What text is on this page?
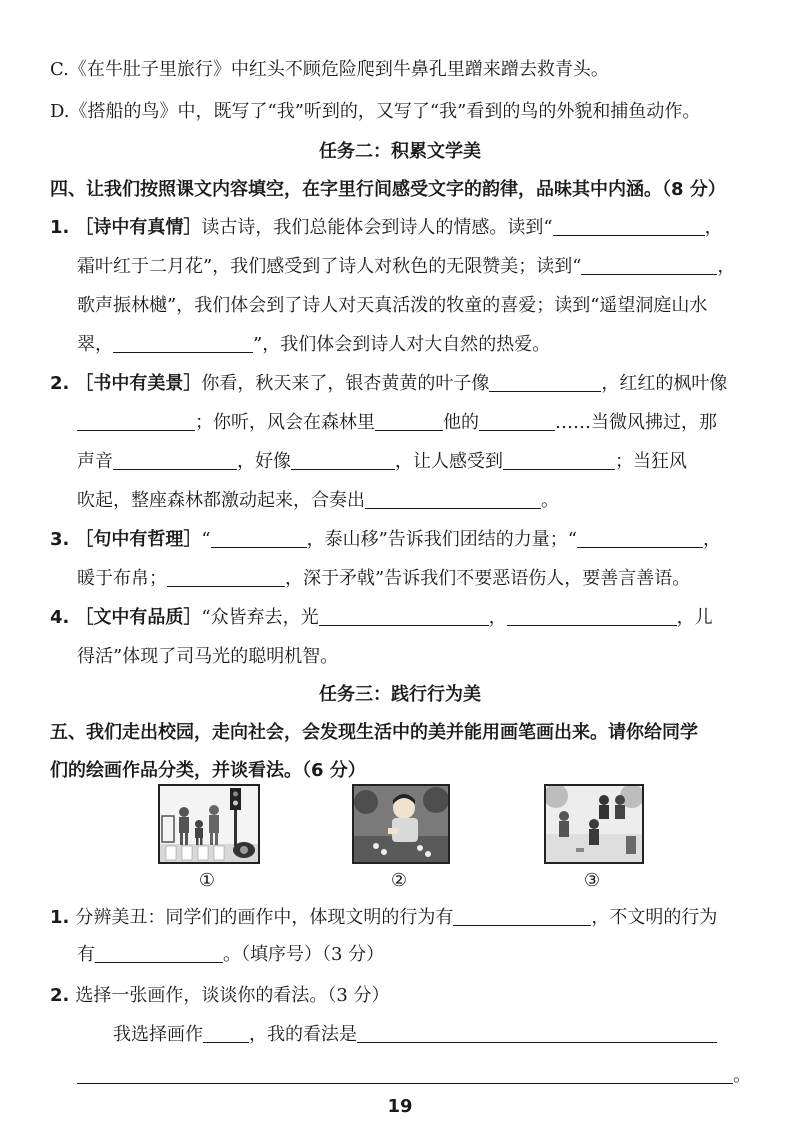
C.《在牛肚子里旅行》中红头不顾危险爬到牛鼻孔里蹭来蹭去救青头。
D.《搭船的鸟》中，既写了“我”听到的，又写了“我”看到的鸟的外貌和捕鱼动作。
任务二：积累文学美
四、让我们按照课文内容填空，在字里行间感受文字的韵律，品味其中内涵。（8 分）
1. ［诗中有真情］读古诗，我们总能体会到诗人的情感。读到“	，
霜叶红于二月花”，我们感受到了诗人对秋色的无限赞美；读到“	，
歌声振林樾”，我们体会到了诗人对天真活泼的牧童的喜爱；读到“遥望洞庭山水
翠，	”，我们体会到诗人对大自然的热爱。
2. ［书中有美景］你看，秋天来了，银杏黄黄的叶子像	，红红的枫叶像
；你听，风会在森林里	他的	……当微风拂过，那
声音	，好像	，让人感受到	；当狂风
吹起，整座森林都激动起来，合奏出	。
3. ［句中有哲理］“	，泰山移”告诉我们团结的力量；“	，
暖于布帛；	，深于矛戟”告诉我们不要恶语伤人，要善言善语。
4. ［文中有品质］“众皆弃去，光	，	，儿
得活”体现了司马光的聪明机智。
任务三：践行行为美
五、我们走出校园，走向社会，会发现生活中的美并能用画笔画出来。请你给同学
们的绘画作品分类，并谈看法。（6 分）
①	②	③
1. 分辨美丑：同学们的画作中，体现文明的行为有	，不文明的行为
有	。（填序号）（3 分）
2. 选择一张画作，谈谈你的看法。（3 分）
我选择画作	，我的看法是
。
19
